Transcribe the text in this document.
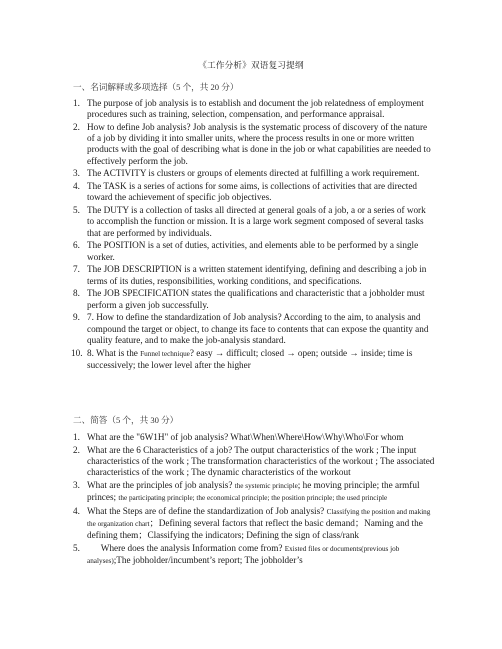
《工作分析》双语复习提纲
一、名词解释或多项选择（5 个，共 20 分）
1. The purpose of job analysis is to establish and document the job relatedness of employment procedures such as training, selection, compensation, and performance appraisal.
2. How to define Job analysis? Job analysis is the systematic process of discovery of the nature of a job by dividing it into smaller units, where the process results in one or more written products with the goal of describing what is done in the job or what capabilities are needed to effectively perform the job.
3. The ACTIVITY is clusters or groups of elements directed at fulfilling a work requirement.
4. The TASK is a series of actions for some aims, is collections of activities that are directed toward the achievement of specific job objectives.
5. The DUTY is a collection of tasks all directed at general goals of a job, a or a series of work to accomplish the function or mission. It is a large work segment composed of several tasks that are performed by individuals.
6. The POSITION is a set of duties, activities, and elements able to be performed by a single worker.
7. The JOB DESCRIPTION is a written statement identifying, defining and describing a job in terms of its duties, responsibilities, working conditions, and specifications.
8. The JOB SPECIFICATION states the qualifications and characteristic that a jobholder must perform a given job successfully.
9. 7. How to define the standardization of Job analysis? According to the aim, to analysis and compound the target or object, to change its face to contents that can expose the quantity and quality feature, and to make the job-analysis standard.
10. 8. What is the Funnel technique? easy → difficult; closed → open; outside → inside; time is successively; the lower level after the higher
二、简答（5 个，共 30 分）
1. What are the "6W1H" of job analysis? What\When\Where\How\Why\Who\For whom
2. What are the 6 Characteristics of a job? The output characteristics of the work ; The input characteristics of the work ; The transformation characteristics of the workout ; The associated characteristics of the work ; The dynamic characteristics of the workout
3. What are the principles of job analysis? the systemic principle; he moving principle; the armful princes; the participating principle; the economical principle; the position principle; the used principle
4. What the Steps are of define the standardization of Job analysis? Classifying the position and making the organization chart；Defining several factors that reflect the basic demand；Naming and the defining them；Classifying the indicators; Defining the sign of class/rank
5. Where does the analysis Information come from? Existed files or documents(previous job analyses);The jobholder/incumbent’s report; The jobholder’s
